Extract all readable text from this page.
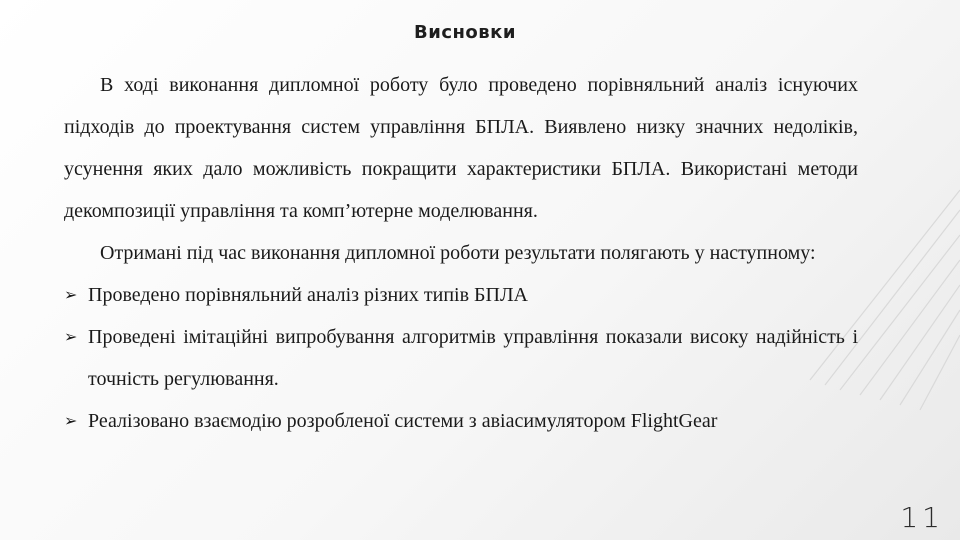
Висновки

В ході виконання дипломної роботу було проведено порівняльний аналіз існуючих підходів до проектування систем управління БПЛА. Виявлено низку значних недоліків, усунення яких дало можливість покращити характеристики БПЛА. Використані методи декомпозиції управління та комп’ютерне моделювання.

Отримані під час виконання дипломної роботи результати полягають у наступному:

➢ Проведено порівняльний аналіз різних типів БПЛА
➢ Проведені імітаційні випробування алгоритмів управління показали високу надійність і точність регулювання.
➢ Реалізовано взаємодію розробленої системи з авіасимулятором FlightGear
11
